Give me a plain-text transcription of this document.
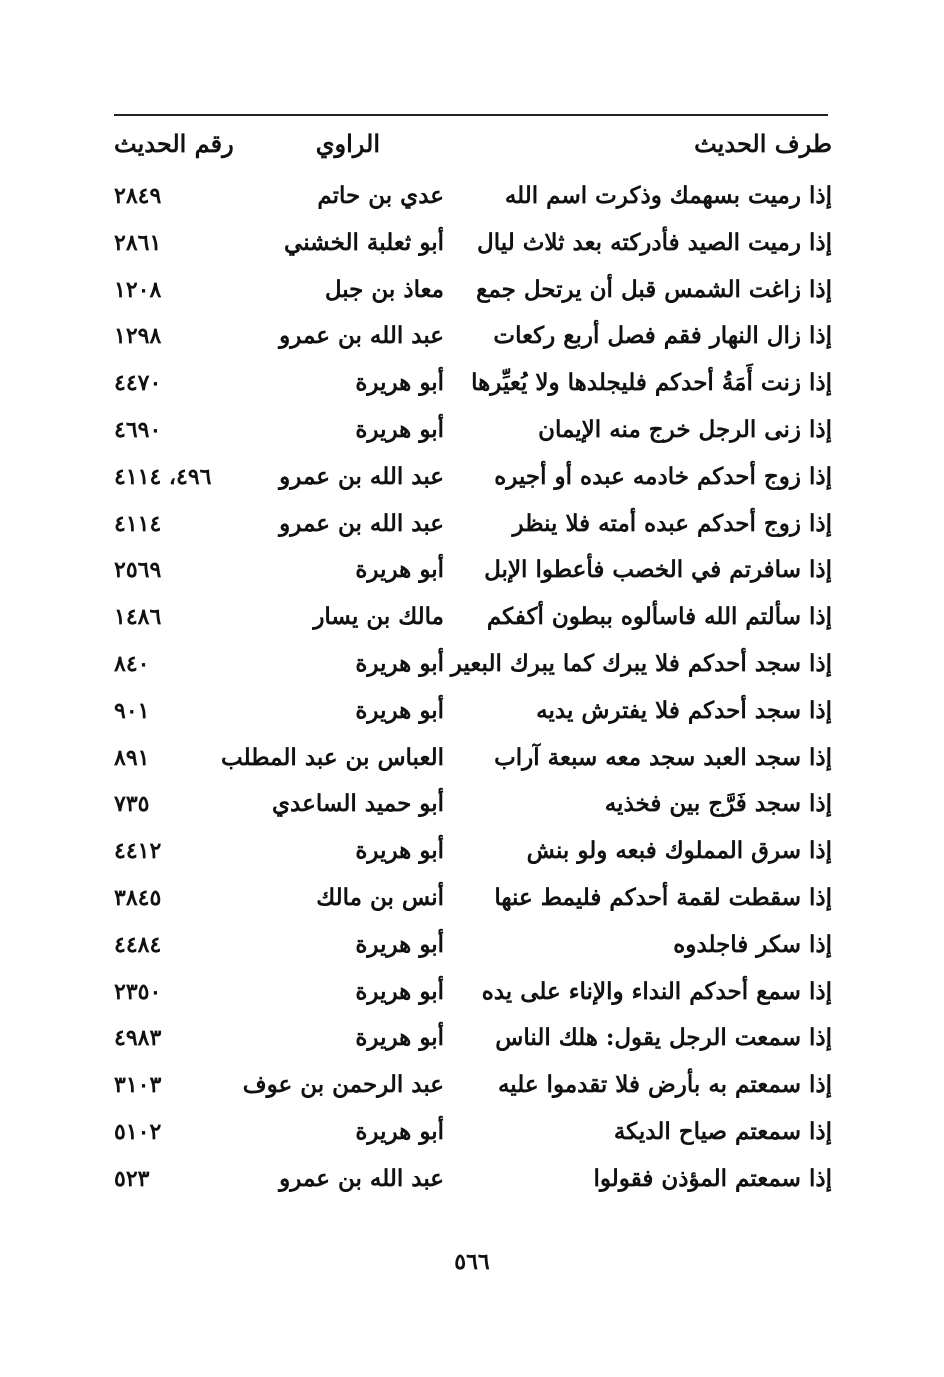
طرف الحديث
الراوي
رقم الحديث
إذا رميت بسهمك وذكرت اسم الله
عدي بن حاتم
٢٨٤٩
إذا رميت الصيد فأدركته بعد ثلاث ليال
أبو ثعلبة الخشني
٢٨٦١
إذا زاغت الشمس قبل أن يرتحل جمع
معاذ بن جبل
١٢٠٨
إذا زال النهار فقم فصل أربع ركعات
عبد الله بن عمرو
١٢٩٨
إذا زنت أَمَةُ أحدكم فليجلدها ولا يُعيِّرها
أبو هريرة
٤٤٧٠
إذا زنى الرجل خرج منه الإيمان
أبو هريرة
٤٦٩٠
إذا زوج أحدكم خادمه عبده أو أجيره
عبد الله بن عمرو
٤٩٦، ٤١١٤
إذا زوج أحدكم عبده أمته فلا ينظر
عبد الله بن عمرو
٤١١٤
إذا سافرتم في الخصب فأعطوا الإبل
أبو هريرة
٢٥٦٩
إذا سألتم الله فاسألوه ببطون أكفكم
مالك بن يسار
١٤٨٦
إذا سجد أحدكم فلا يبرك كما يبرك البعير
أبو هريرة
٨٤٠
إذا سجد أحدكم فلا يفترش يديه
أبو هريرة
٩٠١
إذا سجد العبد سجد معه سبعة آراب
العباس بن عبد المطلب
٨٩١
إذا سجد فَرَّج بين فخذيه
أبو حميد الساعدي
٧٣٥
إذا سرق المملوك فبعه ولو بنش
أبو هريرة
٤٤١٢
إذا سقطت لقمة أحدكم فليمط عنها
أنس بن مالك
٣٨٤٥
إذا سكر فاجلدوه
أبو هريرة
٤٤٨٤
إذا سمع أحدكم النداء والإناء على يده
أبو هريرة
٢٣٥٠
إذا سمعت الرجل يقول: هلك الناس
أبو هريرة
٤٩٨٣
إذا سمعتم به بأرض فلا تقدموا عليه
عبد الرحمن بن عوف
٣١٠٣
إذا سمعتم صياح الديكة
أبو هريرة
٥١٠٢
إذا سمعتم المؤذن فقولوا
عبد الله بن عمرو
٥٢٣
٥٦٦
